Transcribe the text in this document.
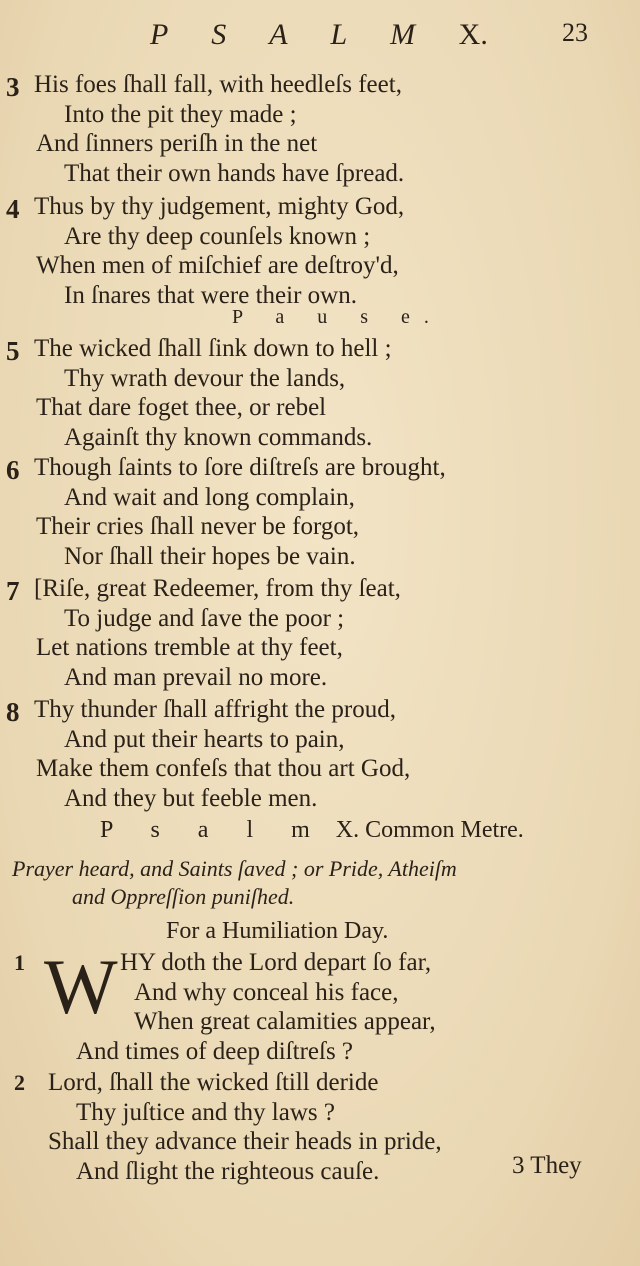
P S A L M X.	23
3 His foes ſhall fall, with heedleſs feet,
Into the pit they made ;
And ſinners periſh in the net
That their own hands have ſpread.
4 Thus by thy judgement, mighty God,
Are thy deep counſels known ;
When men of miſchief are deſtroy'd,
In ſnares that were their own.
P a u s e.
5 The wicked ſhall ſink down to hell ;
Thy wrath devour the lands,
That dare foget thee, or rebel
Againſt thy known commands.
6 Though ſaints to ſore diſtreſs are brought,
And wait and long complain,
Their cries ſhall never be forgot,
Nor ſhall their hopes be vain.
7 [Riſe, great Redeemer, from thy ſeat,
To judge and ſave the poor ;
Let nations tremble at thy feet,
And man prevail no more.
8 Thy thunder ſhall affright the proud,
And put their hearts to pain,
Make them confeſs that thou art God,
And they but feeble men.
P s a l m X. Common Metre.
Prayer heard, and Saints ſaved ; or Pride, Atheiſm
and Oppreſſion puniſhed.
For a Humiliation Day.
W
1	HY doth the Lord depart ſo far,
And why conceal his face,
When great calamities appear,
And times of deep diſtreſs ?
2 Lord, ſhall the wicked ſtill deride
Thy juſtice and thy laws ?
Shall they advance their heads in pride,
And ſlight the righteous cauſe.	3 They
